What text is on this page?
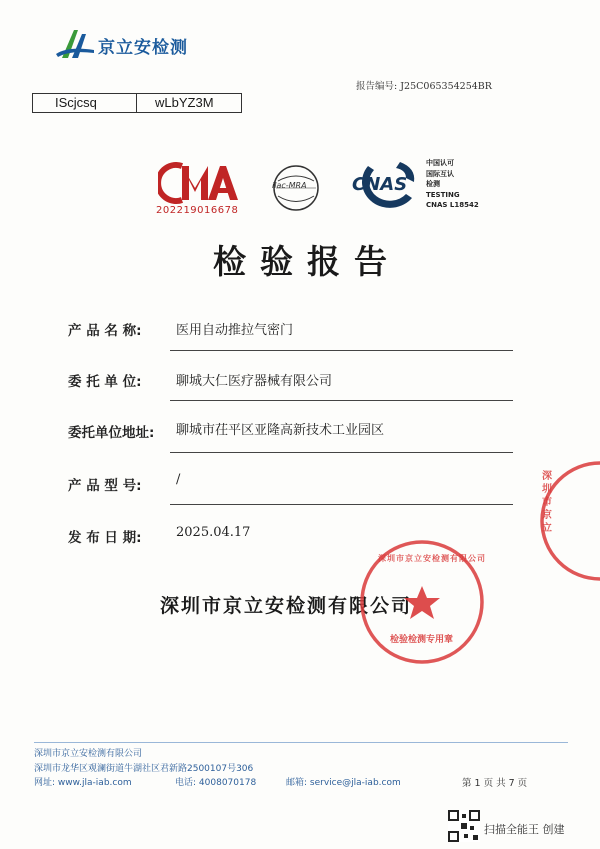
京立安检测
报告编号: J25C065354254BR
IScjcsq	wLbYZ3M
202219016678
ilac-MRA	CNAS
中国认可
国际互认
检测
TESTING
CNAS L18542
检验报告
产 品 名 称:	医用自动推拉气密门
委 托 单 位:	聊城大仁医疗器械有限公司
委托单位地址: 聊城市茌平区亚隆高新技术工业园区
产 品 型 号:	/
发 布 日 期:	2025.04.17
深圳市京立安检测有限公司
深圳市京立安检测有限公司
检验检测专用章
深圳市京立
深圳市京立安检测有限公司
深圳市龙华区观澜街道牛湖社区君新路2500107号306
网址: www.jla-iab.com	电话: 4008070178	邮箱: service@jla-iab.com	第 1 页 共 7 页
扫描全能王 创建
